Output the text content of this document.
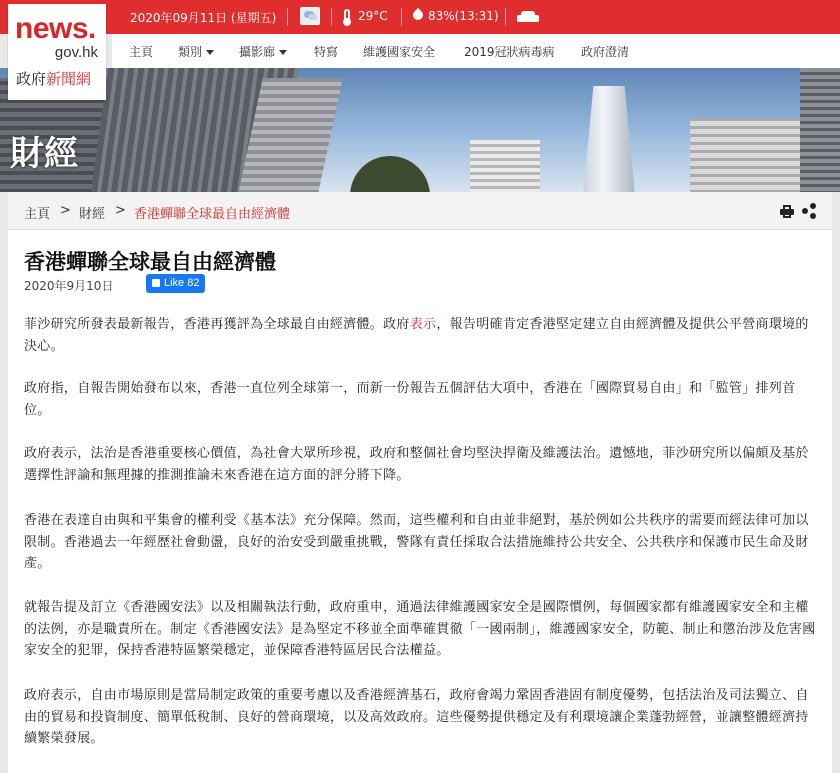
2020年09月11日 (星期五)	29°C	83%(13:31)
主頁 類別	攝影廊	特寫 維護國家安全 2019冠狀病毒病 政府澄清
財經
news.
gov.hk
政府新聞網
主頁 > 財經 > 香港蟬聯全球最自由經濟體
香港蟬聯全球最自由經濟體
2020年9月10日	Like 82

菲沙研究所發表最新報告，香港再獲評為全球最自由經濟體。政府表示，報告明確肯定香港堅定建立自由經濟體及提供公平營商環境的決心。

政府指，自報告開始發布以來，香港一直位列全球第一，而新一份報告五個評估大項中，香港在「國際貿易自由」和「監管」排列首位。

政府表示，法治是香港重要核心價值，為社會大眾所珍視，政府和整個社會均堅決捍衛及維護法治。遺憾地，菲沙研究所以偏頗及基於選擇性評論和無理據的推測推論未來香港在這方面的評分將下降。

香港在表達自由與和平集會的權利受《基本法》充分保障。然而，這些權利和自由並非絕對，基於例如公共秩序的需要而經法律可加以限制。香港過去一年經歷社會動盪，良好的治安受到嚴重挑戰，警隊有責任採取合法措施維持公共安全、公共秩序和保護市民生命及財產。

就報告提及訂立《香港國安法》以及相關執法行動，政府重申，通過法律維護國家安全是國際慣例，每個國家都有維護國家安全和主權的法例，亦是職責所在。制定《香港國安法》是為堅定不移並全面準確貫徹「一國兩制」，維護國家安全，防範、制止和懲治涉及危害國家安全的犯罪，保持香港特區繁榮穩定，並保障香港特區居民合法權益。

政府表示，自由市場原則是當局制定政策的重要考慮以及香港經濟基石，政府會竭力鞏固香港固有制度優勢，包括法治及司法獨立、自由的貿易和投資制度、簡單低稅制、良好的營商環境，以及高效政府。這些優勢提供穩定及有利環境讓企業蓬勃經營，並讓整體經濟持續繁榮發展。
